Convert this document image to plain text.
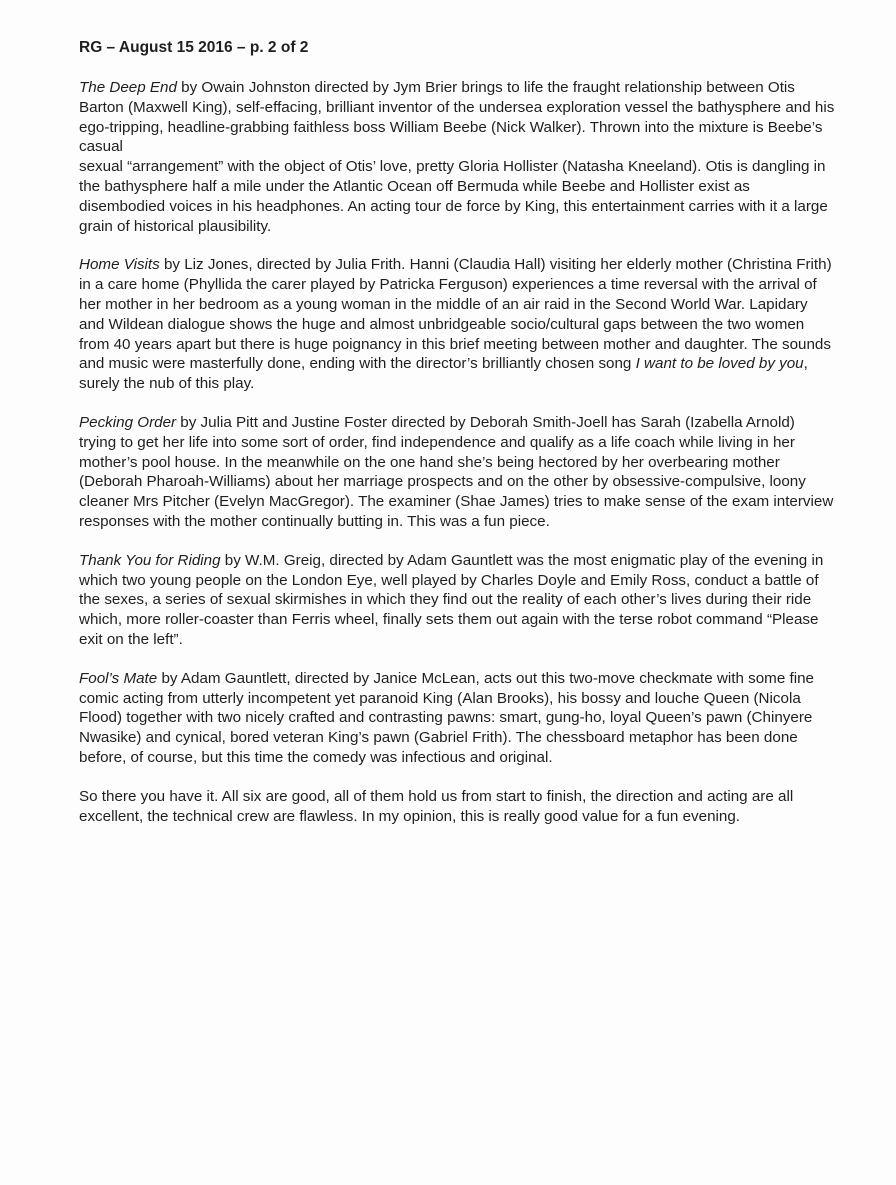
RG – August 15 2016 – p. 2 of 2

The Deep End by Owain Johnston directed by Jym Brier brings to life the fraught relationship between Otis Barton (Maxwell King), self-effacing, brilliant inventor of the undersea exploration vessel the bathysphere and his ego-tripping, headline-grabbing faithless boss William Beebe (Nick Walker). Thrown into the mixture is Beebe’s casual
sexual “arrangement” with the object of Otis’ love, pretty Gloria Hollister (Natasha Kneeland). Otis is dangling in the bathysphere half a mile under the Atlantic Ocean off Bermuda while Beebe and Hollister exist as disembodied voices in his headphones. An acting tour de force by King, this entertainment carries with it a large grain of historical plausibility.

Home Visits by Liz Jones, directed by Julia Frith. Hanni (Claudia Hall) visiting her elderly mother (Christina Frith) in a care home (Phyllida the carer played by Patricka Ferguson) experiences a time reversal with the arrival of her mother in her bedroom as a young woman in the middle of an air raid in the Second World War. Lapidary and Wildean dialogue shows the huge and almost unbridgeable socio/cultural gaps between the two women from 40 years apart but there is huge poignancy in this brief meeting between mother and daughter. The sounds and music were masterfully done, ending with the director’s brilliantly chosen song I want to be loved by you, surely the nub of this play.

Pecking Order by Julia Pitt and Justine Foster directed by Deborah Smith-Joell has Sarah (Izabella Arnold) trying to get her life into some sort of order, find independence and qualify as a life coach while living in her mother’s pool house. In the meanwhile on the one hand she’s being hectored by her overbearing mother (Deborah Pharoah-Williams) about her marriage prospects and on the other by obsessive-compulsive, loony cleaner Mrs Pitcher (Evelyn MacGregor). The examiner (Shae James) tries to make sense of the exam interview responses with the mother continually butting in. This was a fun piece.

Thank You for Riding by W.M. Greig, directed by Adam Gauntlett was the most enigmatic play of the evening in which two young people on the London Eye, well played by Charles Doyle and Emily Ross, conduct a battle of the sexes, a series of sexual skirmishes in which they find out the reality of each other’s lives during their ride which, more roller-coaster than Ferris wheel, finally sets them out again with the terse robot command “Please exit on the left”.

Fool’s Mate by Adam Gauntlett, directed by Janice McLean, acts out this two-move checkmate with some fine comic acting from utterly incompetent yet paranoid King (Alan Brooks), his bossy and louche Queen (Nicola Flood) together with two nicely crafted and contrasting pawns: smart, gung-ho, loyal Queen’s pawn (Chinyere Nwasike) and cynical, bored veteran King’s pawn (Gabriel Frith). The chessboard metaphor has been done before, of course, but this time the comedy was infectious and original.

So there you have it. All six are good, all of them hold us from start to finish, the direction and acting are all excellent, the technical crew are flawless. In my opinion, this is really good value for a fun evening.
